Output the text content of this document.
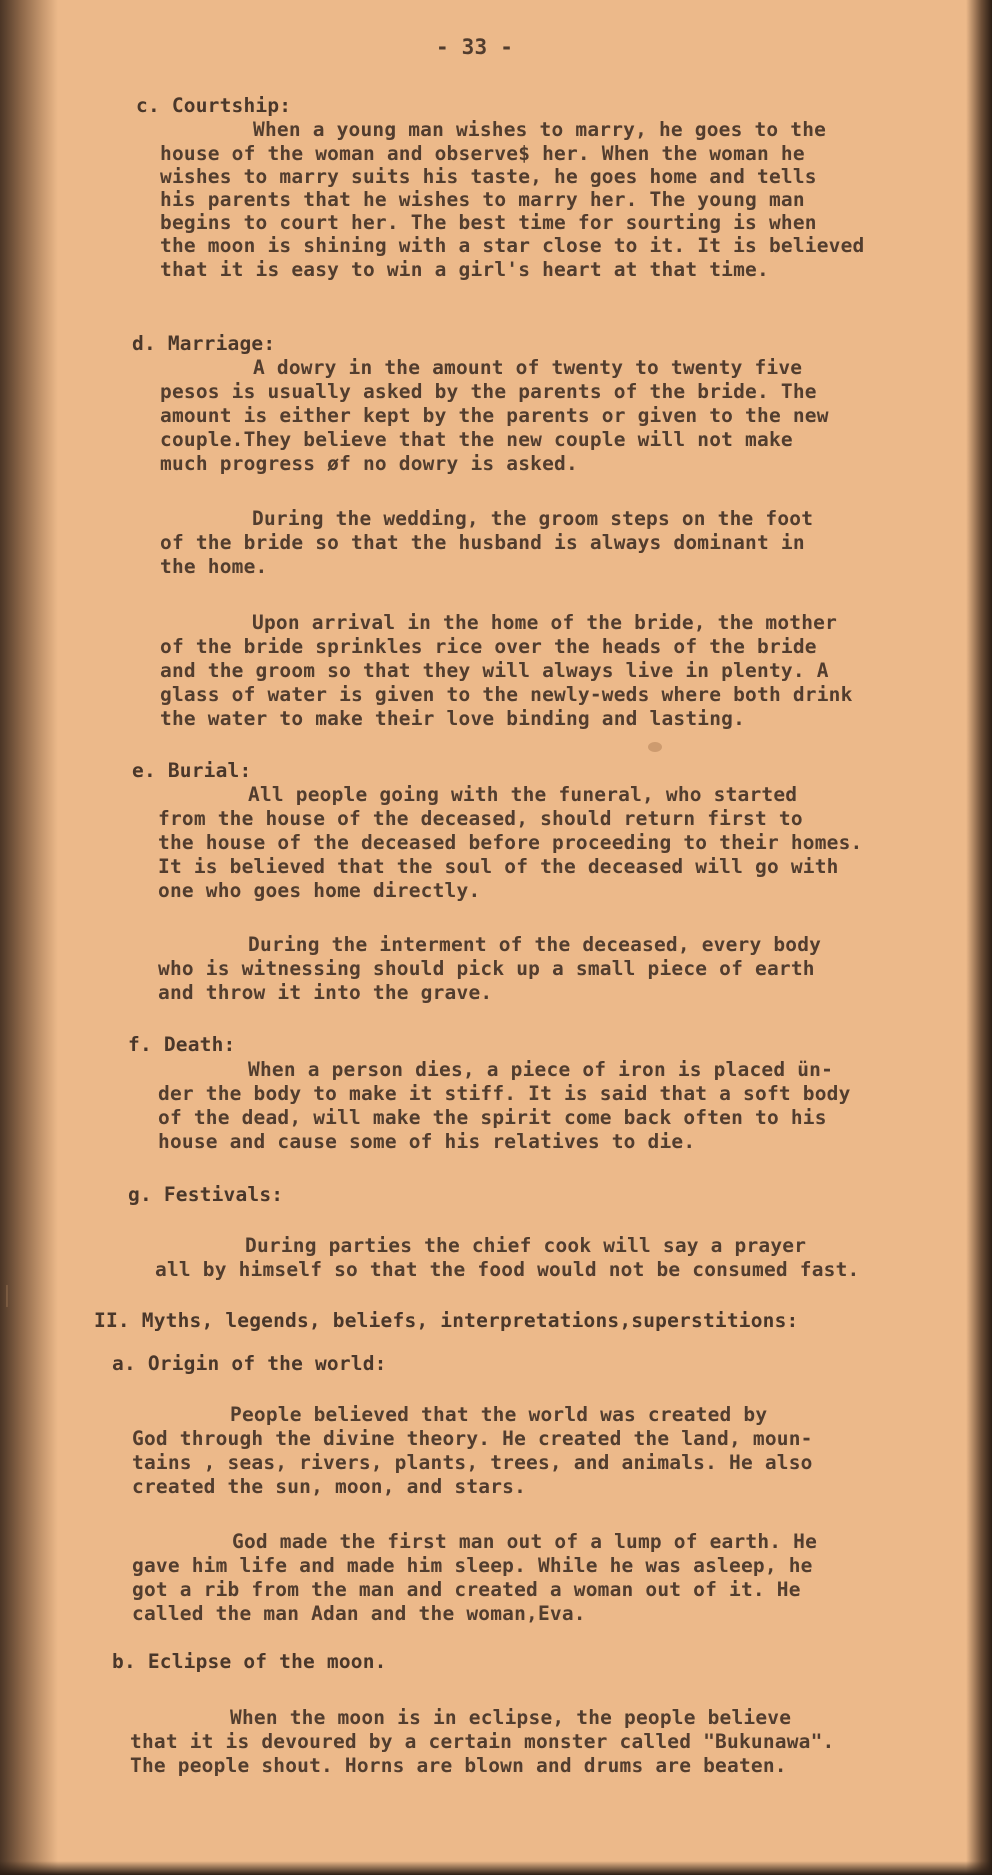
- 33 -
c. Courtship:
When a young man wishes to marry, he goes to the
house of the woman and observe$ her. When the woman he
wishes to marry suits his taste, he goes home and tells
his parents that he wishes to marry her. The young man
begins to court her. The best time for sourting is when
the moon is shining with a star close to it. It is believed
that it is easy to win a girl's heart at that time.
d. Marriage:
A dowry in the amount of twenty to twenty five
pesos is usually asked by the parents of the bride. The
amount is either kept by the parents or given to the new
couple.They believe that the new couple will not make
much progress øf no dowry is asked.
During the wedding, the groom steps on the foot
of the bride so that the husband is always dominant in
the home.
Upon arrival in the home of the bride, the mother
of the bride sprinkles rice over the heads of the bride
and the groom so that they will always live in plenty. A
glass of water is given to the newly-weds where both drink
the water to make their love binding and lasting.
e. Burial:
All people going with the funeral, who started
from the house of the deceased, should return first to
the house of the deceased before proceeding to their homes.
It is believed that the soul of the deceased will go with
one who goes home directly.
During the interment of the deceased, every body
who is witnessing should pick up a small piece of earth
and throw it into the grave.
f. Death:
When a person dies, a piece of iron is placed ün-
der the body to make it stiff. It is said that a soft body
of the dead, will make the spirit come back often to his
house and cause some of his relatives to die.
g. Festivals:
During parties the chief cook will say a prayer
all by himself so that the food would not be consumed fast.
II. Myths, legends, beliefs, interpretations,superstitions:
a. Origin of the world:
People believed that the world was created by
God through the divine theory. He created the land, moun-
tains , seas, rivers, plants, trees, and animals. He also
created the sun, moon, and stars.
God made the first man out of a lump of earth. He
gave him life and made him sleep. While he was asleep, he
got a rib from the man and created a woman out of it. He
called the man Adan and the woman,Eva.
b. Eclipse of the moon.
When the moon is in eclipse, the people believe
that it is devoured by a certain monster called "Bukunawa".
The people shout. Horns are blown and drums are beaten.
